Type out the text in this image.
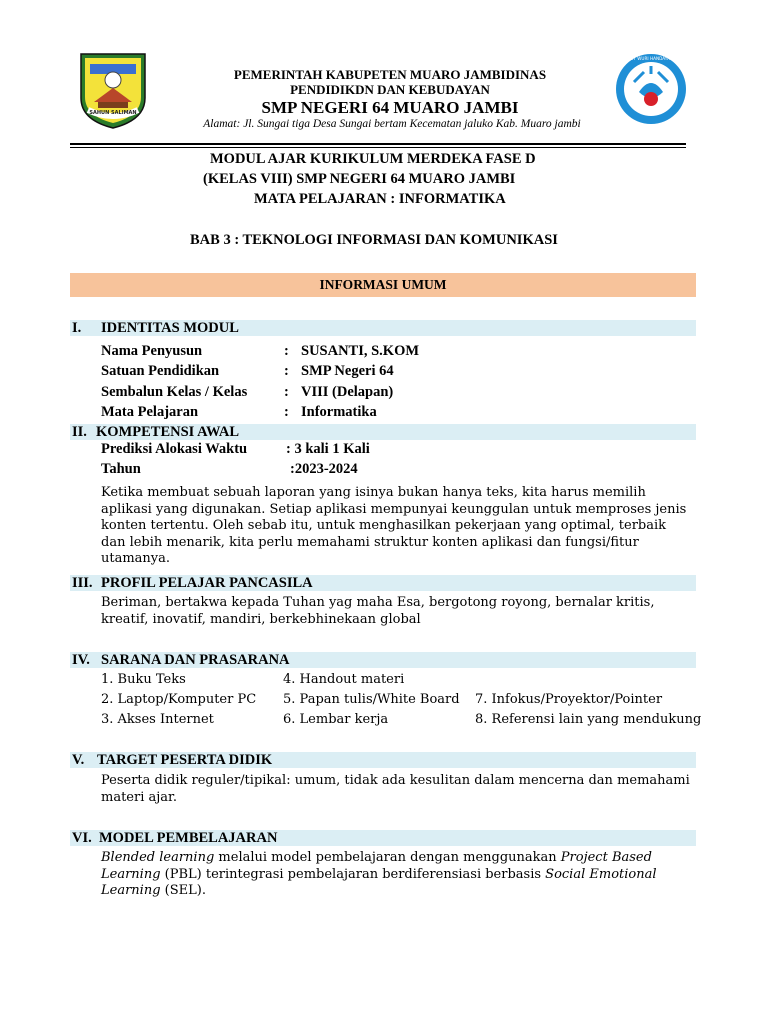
SAHUN SALIMAN
TUT WURI HANDAYANI
PEMERINTAH KABUPETEN MUARO JAMBIDINAS
PENDIDIKDN DAN KEBUDAYAN
SMP NEGERI 64 MUARO JAMBI
Alamat: Jl. Sungai tiga Desa Sungai bertam Kecematan jaluko Kab. Muaro jambi
MODUL AJAR KURIKULUM MERDEKA FASE D
(KELAS VIII) SMP NEGERI 64 MUARO JAMBI
MATA PELAJARAN : INFORMATIKA
BAB 3 : TEKNOLOGI INFORMASI DAN KOMUNIKASI
INFORMASI UMUM
I. IDENTITAS MODUL
Nama Penyusun	: SUSANTI, S.KOM
Satuan Pendidikan	: SMP Negeri 64
Sembalun Kelas / Kelas	: VIII (Delapan)
Mata Pelajaran	: Informatika
II. KOMPETENSI AWAL
Prediksi Alokasi Waktu	: 3 kali 1 Kali
Tahun	:2023-2024
Ketika membuat sebuah laporan yang isinya bukan hanya teks, kita harus memilih aplikasi yang digunakan. Setiap aplikasi mempunyai keunggulan untuk memproses jenis konten tertentu. Oleh sebab itu, untuk menghasilkan pekerjaan yang optimal, terbaik dan lebih menarik, kita perlu memahami struktur konten aplikasi dan fungsi/fitur utamanya.
III. PROFIL PELAJAR PANCASILA
Beriman, bertakwa kepada Tuhan yag maha Esa, bergotong royong, bernalar kritis, kreatif, inovatif, mandiri, berkebhinekaan global
IV. SARANA DAN PRASARANA
1. Buku Teks
2. Laptop/Komputer PC
3. Akses Internet
4. Handout materi
5. Papan tulis/White Board
6. Lembar kerja
7. Infokus/Proyektor/Pointer
8. Referensi lain yang mendukung
V. TARGET PESERTA DIDIK
Peserta didik reguler/tipikal: umum, tidak ada kesulitan dalam mencerna dan memahami materi ajar.
VI. MODEL PEMBELAJARAN
Blended learning melalui model pembelajaran dengan menggunakan Project Based Learning (PBL) terintegrasi pembelajaran berdiferensiasi berbasis Social Emotional Learning (SEL).
